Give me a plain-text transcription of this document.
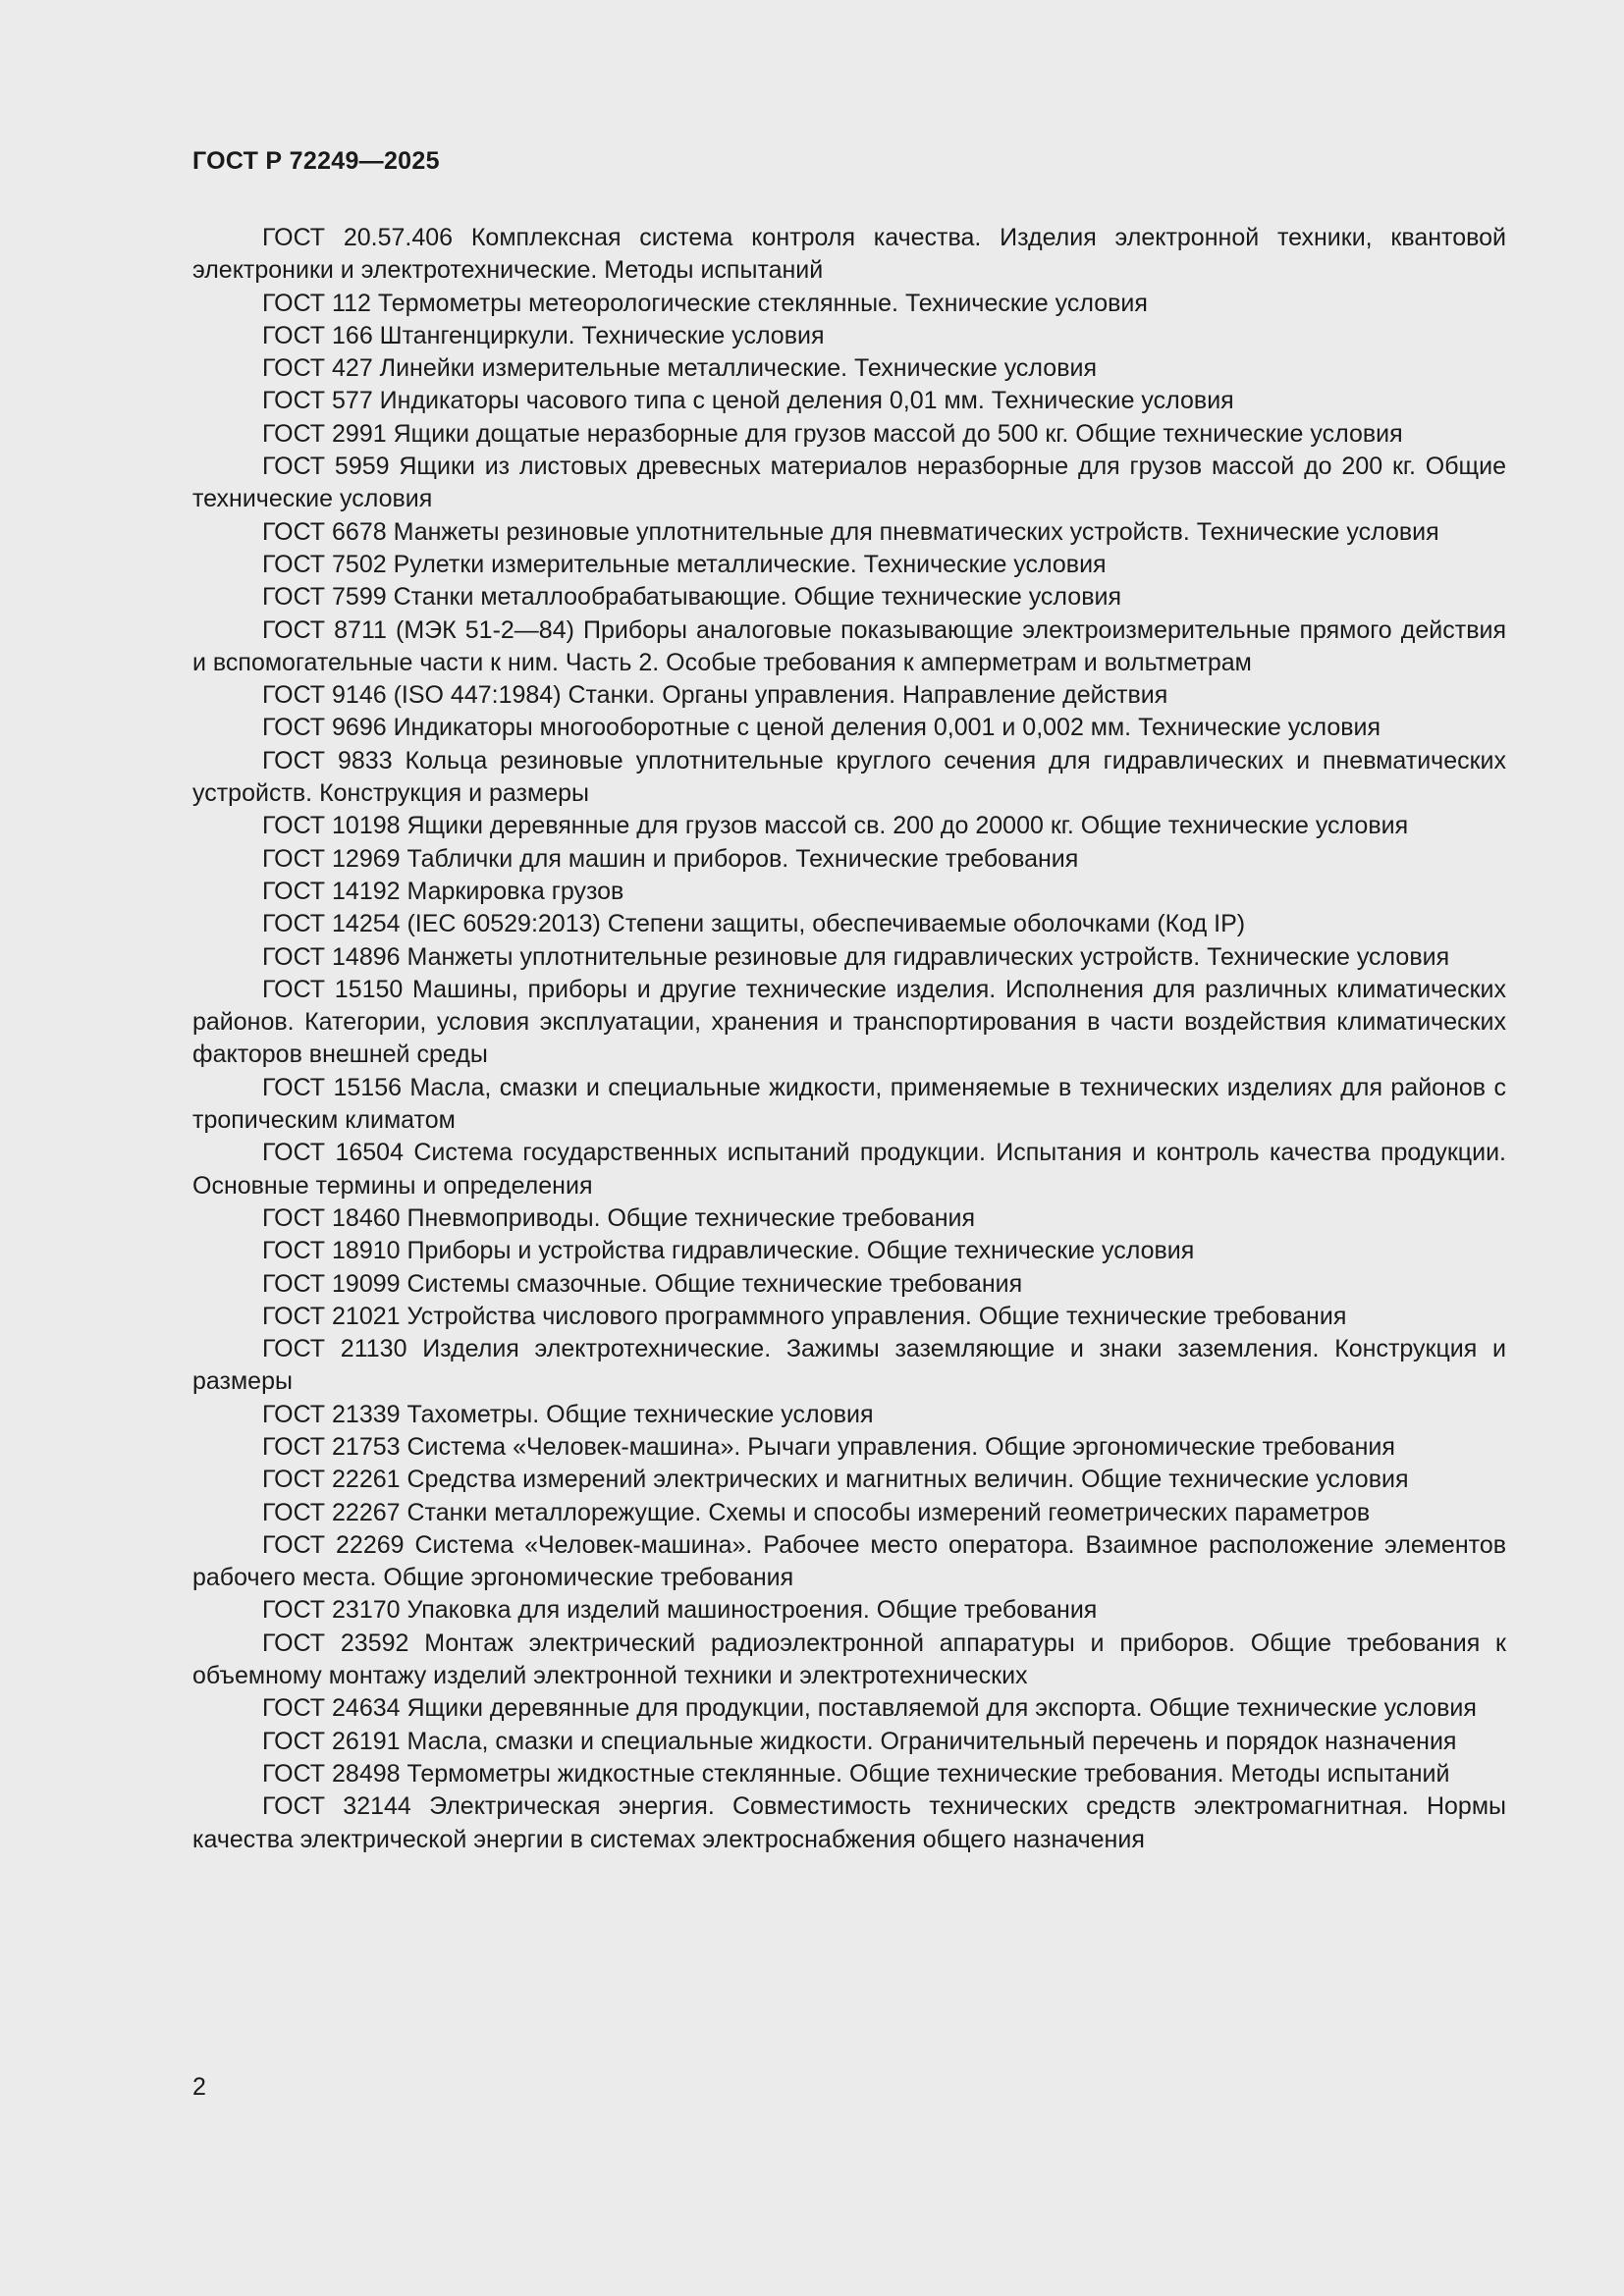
ГОСТ Р 72249—2025
ГОСТ 20.57.406 Комплексная система контроля качества. Изделия электронной техники, квантовой электроники и электротехнические. Методы испытаний
ГОСТ 112 Термометры метеорологические стеклянные. Технические условия
ГОСТ 166 Штангенциркули. Технические условия
ГОСТ 427 Линейки измерительные металлические. Технические условия
ГОСТ 577 Индикаторы часового типа с ценой деления 0,01 мм. Технические условия
ГОСТ 2991 Ящики дощатые неразборные для грузов массой до 500 кг. Общие технические условия
ГОСТ 5959 Ящики из листовых древесных материалов неразборные для грузов массой до 200 кг. Общие технические условия
ГОСТ 6678 Манжеты резиновые уплотнительные для пневматических устройств. Технические условия
ГОСТ 7502 Рулетки измерительные металлические. Технические условия
ГОСТ 7599 Станки металлообрабатывающие. Общие технические условия
ГОСТ 8711 (МЭК 51-2—84) Приборы аналоговые показывающие электроизмерительные прямого действия и вспомогательные части к ним. Часть 2. Особые требования к амперметрам и вольтметрам
ГОСТ 9146 (ISO 447:1984) Станки. Органы управления. Направление действия
ГОСТ 9696 Индикаторы многооборотные с ценой деления 0,001 и 0,002 мм. Технические условия
ГОСТ 9833 Кольца резиновые уплотнительные круглого сечения для гидравлических и пневматических устройств. Конструкция и размеры
ГОСТ 10198 Ящики деревянные для грузов массой св. 200 до 20000 кг. Общие технические условия
ГОСТ 12969 Таблички для машин и приборов. Технические требования
ГОСТ 14192 Маркировка грузов
ГОСТ 14254 (IEC 60529:2013) Степени защиты, обеспечиваемые оболочками (Код IP)
ГОСТ 14896 Манжеты уплотнительные резиновые для гидравлических устройств. Технические условия
ГОСТ 15150 Машины, приборы и другие технические изделия. Исполнения для различных климатических районов. Категории, условия эксплуатации, хранения и транспортирования в части воздействия климатических факторов внешней среды
ГОСТ 15156 Масла, смазки и специальные жидкости, применяемые в технических изделиях для районов с тропическим климатом
ГОСТ 16504 Система государственных испытаний продукции. Испытания и контроль качества продукции. Основные термины и определения
ГОСТ 18460 Пневмоприводы. Общие технические требования
ГОСТ 18910 Приборы и устройства гидравлические. Общие технические условия
ГОСТ 19099 Системы смазочные. Общие технические требования
ГОСТ 21021 Устройства числового программного управления. Общие технические требования
ГОСТ 21130 Изделия электротехнические. Зажимы заземляющие и знаки заземления. Конструкция и размеры
ГОСТ 21339 Тахометры. Общие технические условия
ГОСТ 21753 Система «Человек-машина». Рычаги управления. Общие эргономические требования
ГОСТ 22261 Средства измерений электрических и магнитных величин. Общие технические условия
ГОСТ 22267 Станки металлорежущие. Схемы и способы измерений геометрических параметров
ГОСТ 22269 Система «Человек-машина». Рабочее место оператора. Взаимное расположение элементов рабочего места. Общие эргономические требования
ГОСТ 23170 Упаковка для изделий машиностроения. Общие требования
ГОСТ 23592 Монтаж электрический радиоэлектронной аппаратуры и приборов. Общие требования к объемному монтажу изделий электронной техники и электротехнических
ГОСТ 24634 Ящики деревянные для продукции, поставляемой для экспорта. Общие технические условия
ГОСТ 26191 Масла, смазки и специальные жидкости. Ограничительный перечень и порядок назначения
ГОСТ 28498 Термометры жидкостные стеклянные. Общие технические требования. Методы испытаний
ГОСТ 32144 Электрическая энергия. Совместимость технических средств электромагнитная. Нормы качества электрической энергии в системах электроснабжения общего назначения
2
